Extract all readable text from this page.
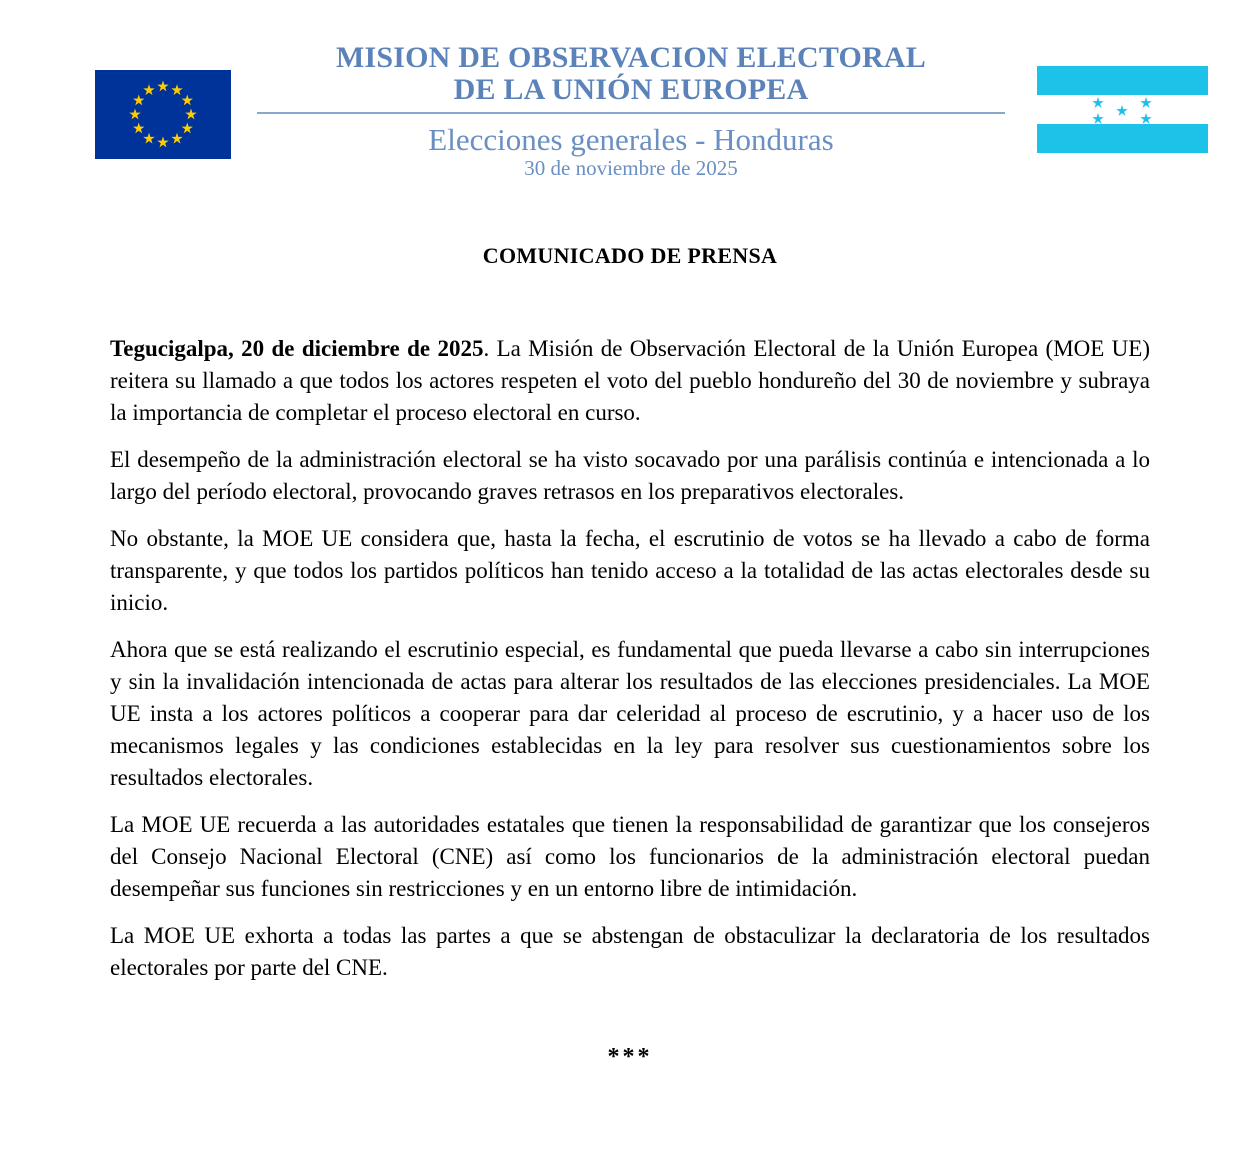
MISION DE OBSERVACION ELECTORAL
DE LA UNIÓN EUROPEA
Elecciones generales - Honduras
30 de noviembre de 2025
COMUNICADO DE PRENSA

Tegucigalpa, 20 de diciembre de 2025. La Misión de Observación Electoral de la Unión Europea (MOE UE) reitera su llamado a que todos los actores respeten el voto del pueblo hondureño del 30 de noviembre y subraya la importancia de completar el proceso electoral en curso.

El desempeño de la administración electoral se ha visto socavado por una parálisis continúa e intencionada a lo largo del período electoral, provocando graves retrasos en los preparativos electorales.

No obstante, la MOE UE considera que, hasta la fecha, el escrutinio de votos se ha llevado a cabo de forma transparente, y que todos los partidos políticos han tenido acceso a la totalidad de las actas electorales desde su inicio.

Ahora que se está realizando el escrutinio especial, es fundamental que pueda llevarse a cabo sin interrupciones y sin la invalidación intencionada de actas para alterar los resultados de las elecciones presidenciales. La MOE UE insta a los actores políticos a cooperar para dar celeridad al proceso de escrutinio, y a hacer uso de los mecanismos legales y las condiciones establecidas en la ley para resolver sus cuestionamientos sobre los resultados electorales.

La MOE UE recuerda a las autoridades estatales que tienen la responsabilidad de garantizar que los consejeros del Consejo Nacional Electoral (CNE) así como los funcionarios de la administración electoral puedan desempeñar sus funciones sin restricciones y en un entorno libre de intimidación.

La MOE UE exhorta a todas las partes a que se abstengan de obstaculizar la declaratoria de los resultados electorales por parte del CNE.

***
